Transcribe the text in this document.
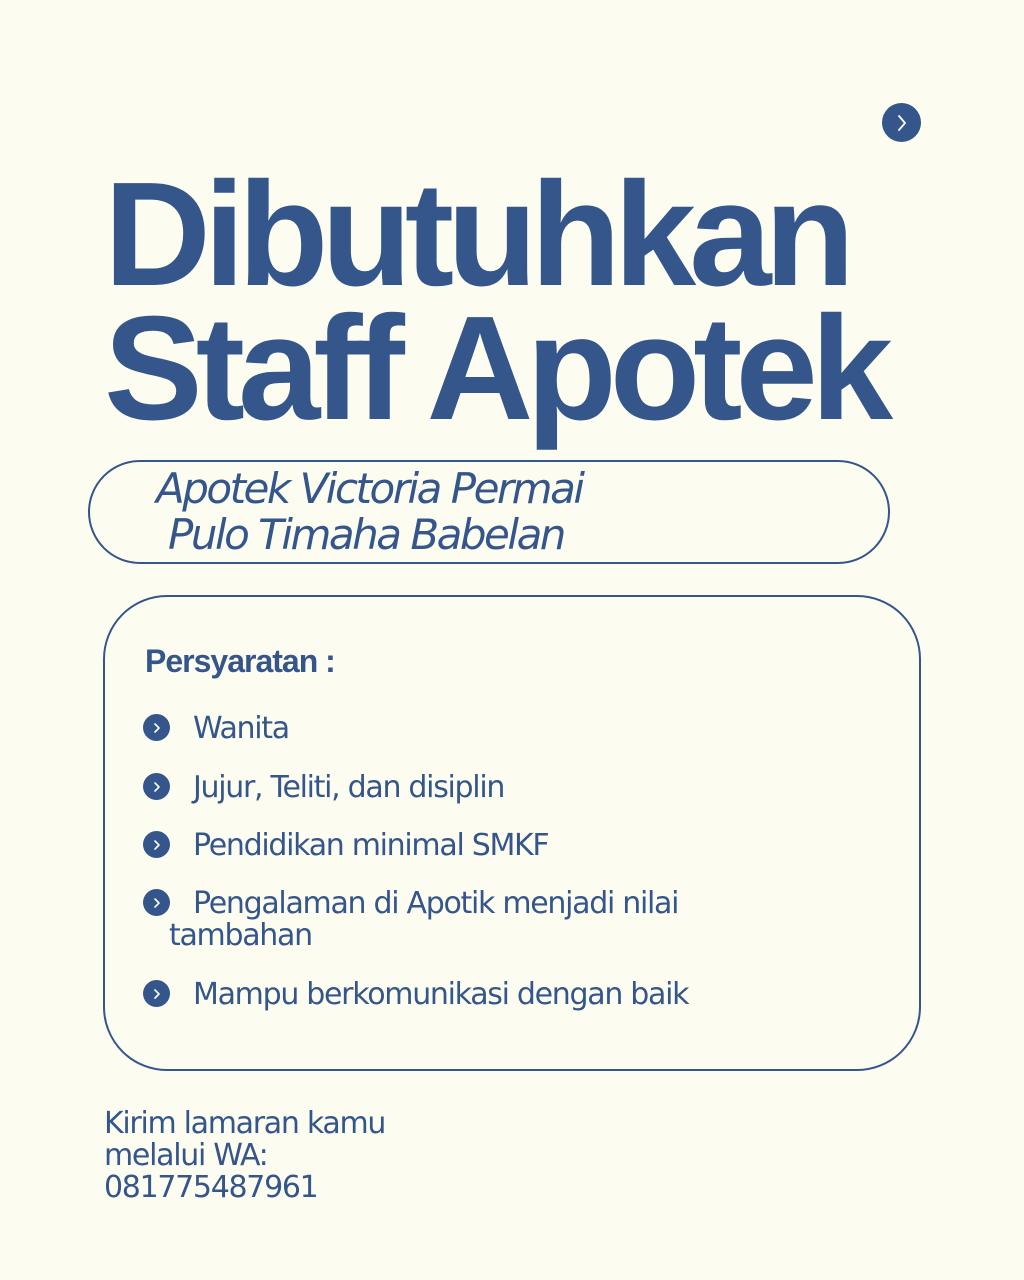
Dibutuhkan
Staff Apotek
Apotek Victoria Permai
Pulo Timaha Babelan
Persyaratan :
Wanita
Jujur, Teliti, dan disiplin
Pendidikan minimal SMKF
Pengalaman di Apotik menjadi nilai tambahan
Mampu berkomunikasi dengan baik
Kirim lamaran kamu
melalui WA:
081775487961
